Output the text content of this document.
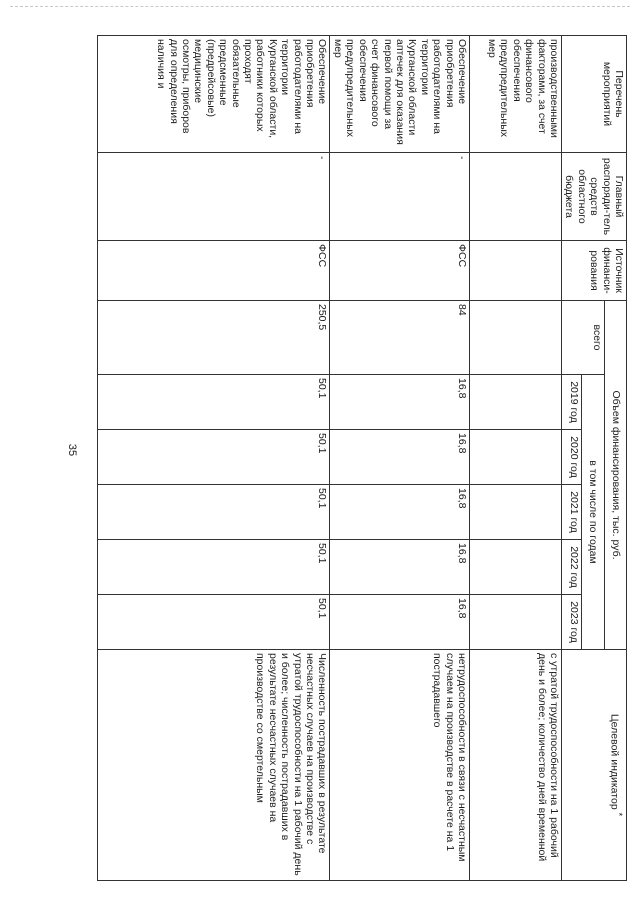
35
Перечень мероприятий	Главный распоряди-тель средств областного бюджета	Источник финанси-рования	Объем финансирования, тыс. руб.						Целевой индикатор *
			всего	в том числе по годам					
				2019 год	2020 год	2021 год	2022 год	2023 год	
производственными факторами, за счет финансового обеспечения предупредительных мер									с утратой трудоспособности на 1 рабочий день и более; количество дней временной
Обеспечение приобретения работодателями на территории Курганской области аптечек для оказания первой помощи за счет финансового обеспечения предупредительных мер	-	ФСС	84	16,8	16,8	16,8	16,8	16,8	нетрудоспособности в связи с несчастным случаем на производстве в расчете на 1 пострадавшего
Обеспечение приобретения работодателями на территории Курганской области, работники которых проходят обязательные предсменные (предрейсовые) медицинские осмотры, приборов для определения наличия и	-	ФСС	250,5	50,1	50,1	50,1	50,1	50,1	Численность пострадавших в результате несчастных случаев на производстве с утратой трудоспособности на 1 рабочий день и более; численность пострадавших в результате несчастных случаев на производстве со смертельным
